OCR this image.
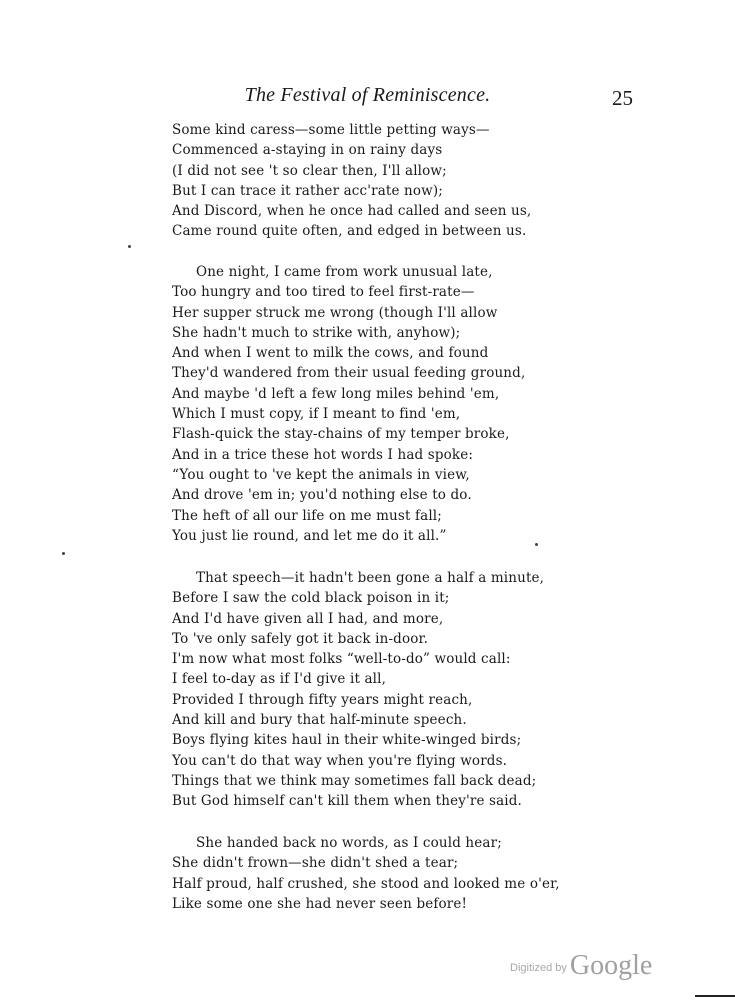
The Festival of Reminiscence.	25
Some kind caress—some little petting ways—
Commenced a-staying in on rainy days
(I did not see 't so clear then, I'll allow;
But I can trace it rather acc'rate now);
And Discord, when he once had called and seen us,
Came round quite often, and edged in between us.
One night, I came from work unusual late,
Too hungry and too tired to feel first-rate—
Her supper struck me wrong (though I'll allow
She hadn't much to strike with, anyhow);
And when I went to milk the cows, and found
They'd wandered from their usual feeding ground,
And maybe 'd left a few long miles behind 'em,
Which I must copy, if I meant to find 'em,
Flash-quick the stay-chains of my temper broke,
And in a trice these hot words I had spoke:
“You ought to 've kept the animals in view,
And drove 'em in; you'd nothing else to do.
The heft of all our life on me must fall;
You just lie round, and let me do it all.”
That speech—it hadn't been gone a half a minute,
Before I saw the cold black poison in it;
And I'd have given all I had, and more,
To 've only safely got it back in-door.
I'm now what most folks “well-to-do” would call:
I feel to-day as if I'd give it all,
Provided I through fifty years might reach,
And kill and bury that half-minute speech.
Boys flying kites haul in their white-winged birds;
You can't do that way when you're flying words.
Things that we think may sometimes fall back dead;
But God himself can't kill them when they're said.
She handed back no words, as I could hear;
She didn't frown—she didn't shed a tear;
Half proud, half crushed, she stood and looked me o'er,
Like some one she had never seen before!
Digitized by Google
